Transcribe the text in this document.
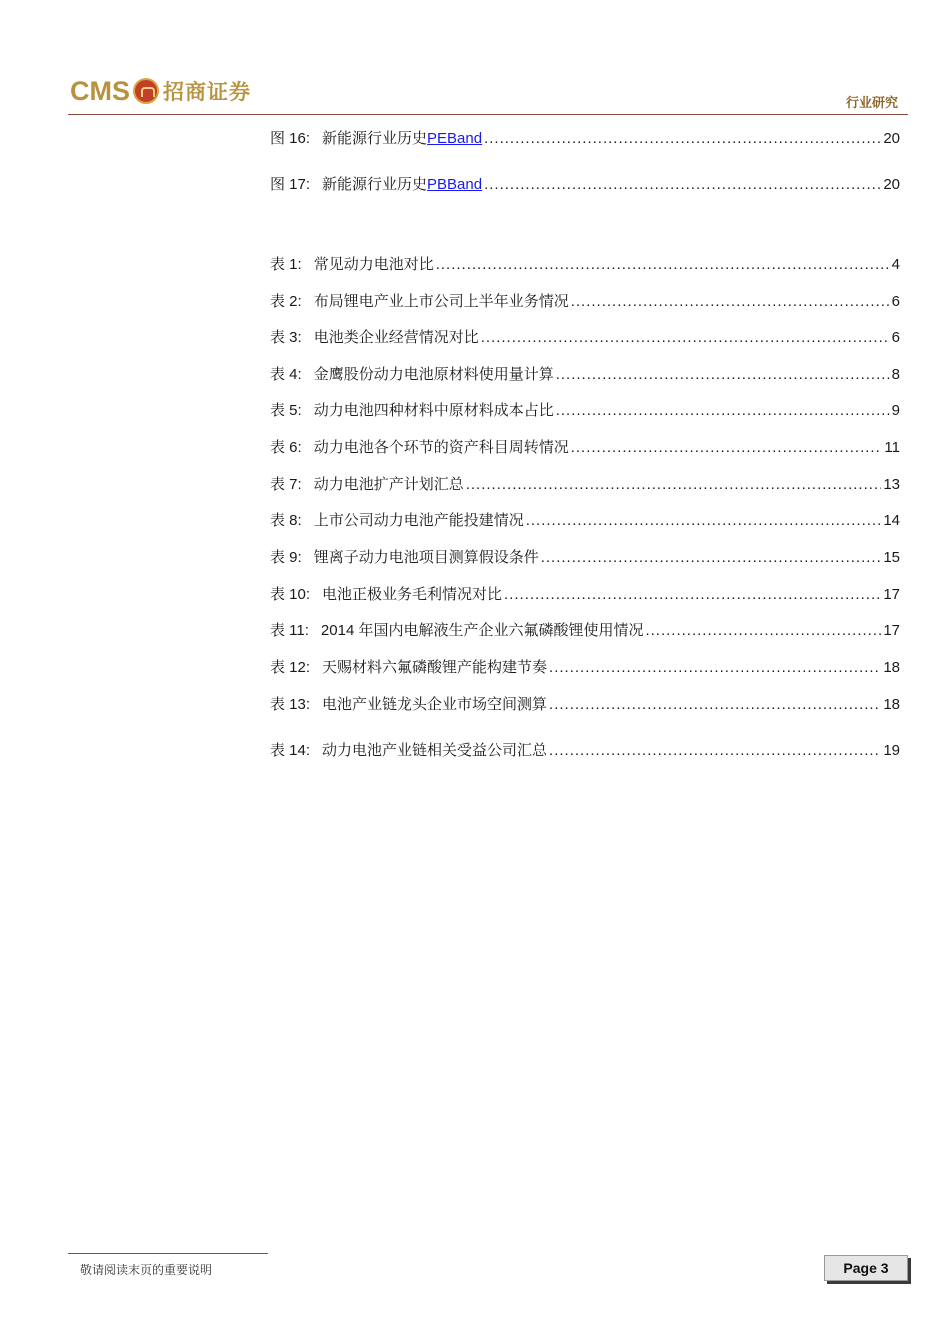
CMS 招商证券	行业研究
图 16: 新能源行业历史PEBand .....	20
图 17: 新能源行业历史PBBand .....	20
表 1: 常见动力电池对比 .....	4
表 2: 布局锂电产业上市公司上半年业务情况 .....	6
表 3: 电池类企业经营情况对比 .....	6
表 4: 金鹰股份动力电池原材料使用量计算 .....	8
表 5: 动力电池四种材料中原材料成本占比 .....	9
表 6: 动力电池各个环节的资产科目周转情况 .....	11
表 7: 动力电池扩产计划汇总 .....	13
表 8: 上市公司动力电池产能投建情况 .....	14
表 9: 锂离子动力电池项目测算假设条件 .....	15
表 10: 电池正极业务毛利情况对比 .....	17
表 11: 2014 年国内电解液生产企业六氟磷酸锂使用情况 .....	17
表 12: 天赐材料六氟磷酸锂产能构建节奏 .....	18
表 13: 电池产业链龙头企业市场空间测算 .....	18
表 14: 动力电池产业链相关受益公司汇总 .....	19
敬请阅读末页的重要说明	Page 3
